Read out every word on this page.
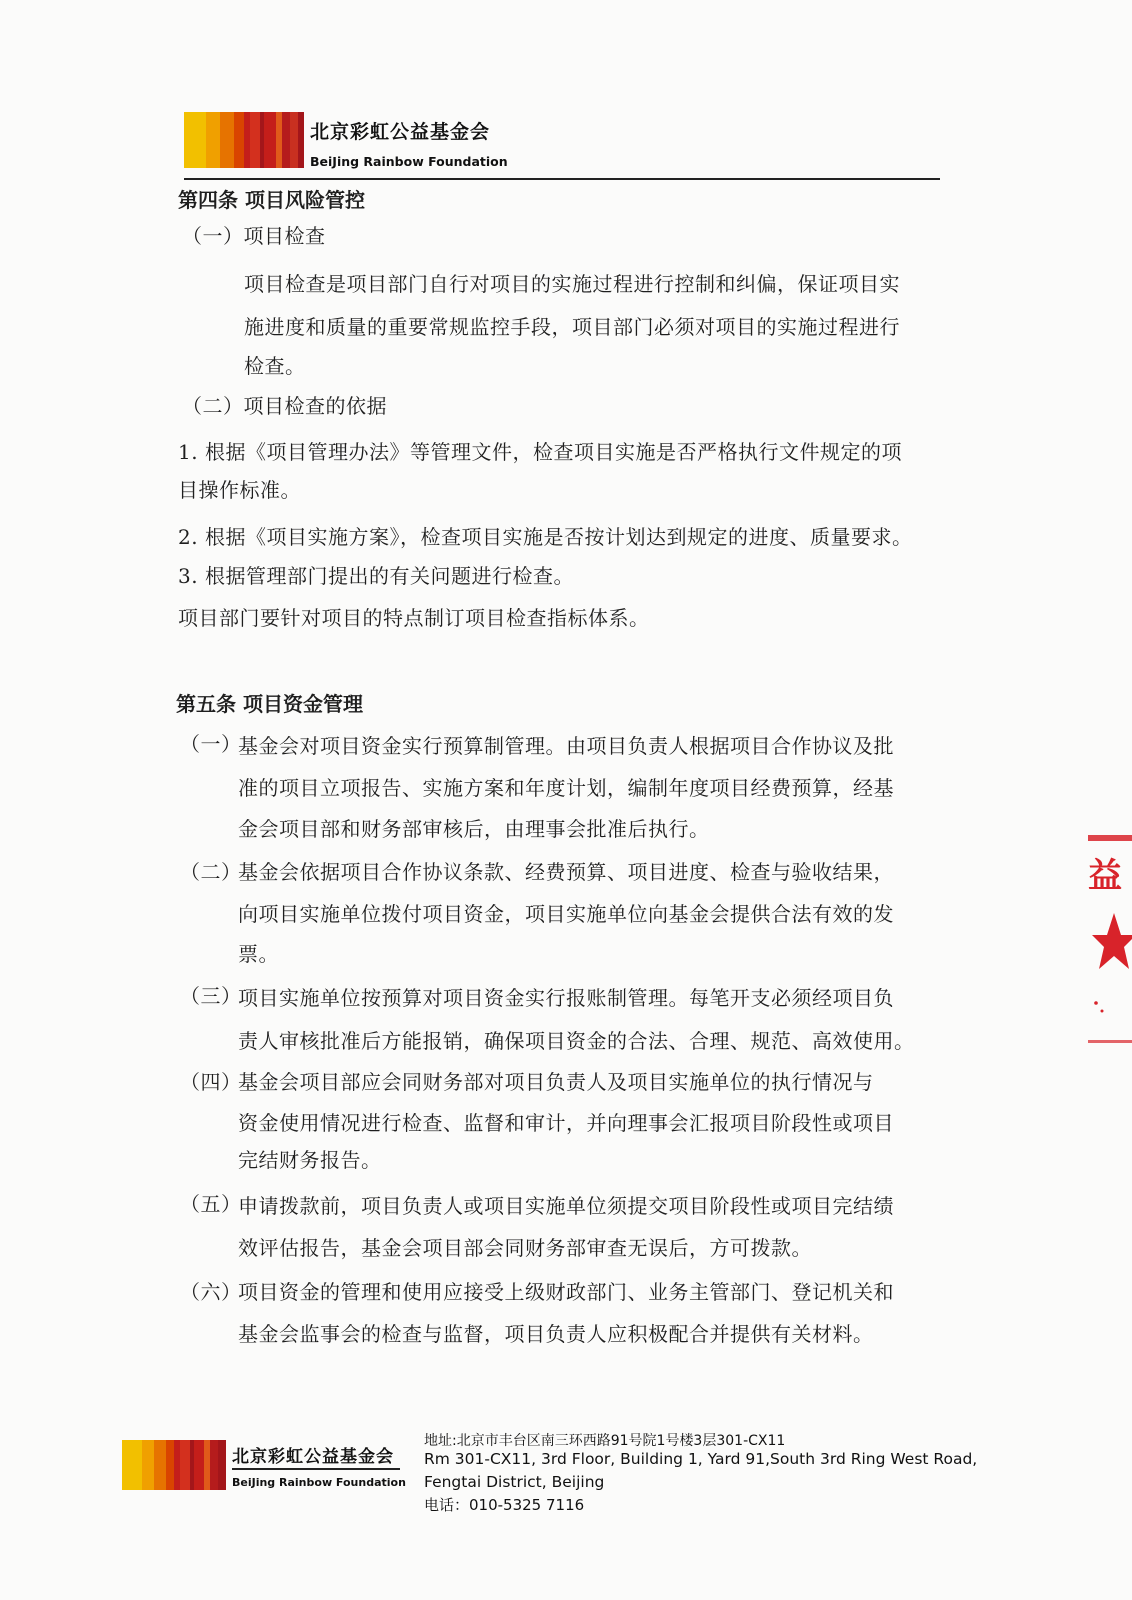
北京彩虹公益基金会
BeiJing Rainbow Foundation
第四条 项目风险管控
（一）项目检查
项目检查是项目部门自行对项目的实施过程进行控制和纠偏，保证项目实
施进度和质量的重要常规监控手段，项目部门必须对项目的实施过程进行
检查。
（二）项目检查的依据
1. 根据《项目管理办法》等管理文件，检查项目实施是否严格执行文件规定的项
目操作标准。
2. 根据《项目实施方案》，检查项目实施是否按计划达到规定的进度、质量要求。
3. 根据管理部门提出的有关问题进行检查。
项目部门要针对项目的特点制订项目检查指标体系。
第五条 项目资金管理
（一）
基金会对项目资金实行预算制管理。由项目负责人根据项目合作协议及批
准的项目立项报告、实施方案和年度计划，编制年度项目经费预算，经基
金会项目部和财务部审核后，由理事会批准后执行。
（二）
基金会依据项目合作协议条款、经费预算、项目进度、检查与验收结果，
向项目实施单位拨付项目资金，项目实施单位向基金会提供合法有效的发
票。
（三）
项目实施单位按预算对项目资金实行报账制管理。每笔开支必须经项目负
责人审核批准后方能报销，确保项目资金的合法、合理、规范、高效使用。
（四）
基金会项目部应会同财务部对项目负责人及项目实施单位的执行情况与
资金使用情况进行检查、监督和审计，并向理事会汇报项目阶段性或项目
完结财务报告。
（五）
申请拨款前，项目负责人或项目实施单位须提交项目阶段性或项目完结绩
效评估报告，基金会项目部会同财务部审查无误后，方可拨款。
（六）
项目资金的管理和使用应接受上级财政部门、业务主管部门、登记机关和
基金会监事会的检查与监督，项目负责人应积极配合并提供有关材料。
益
北京彩虹公益基金会
BeiJing Rainbow Foundation
地址:北京市丰台区南三环西路91号院1号楼3层301-CX11
Rm 301-CX11, 3rd Floor, Building 1, Yard 91,South 3rd Ring West Road,
Fengtai District, Beijing
电话：010-5325 7116
